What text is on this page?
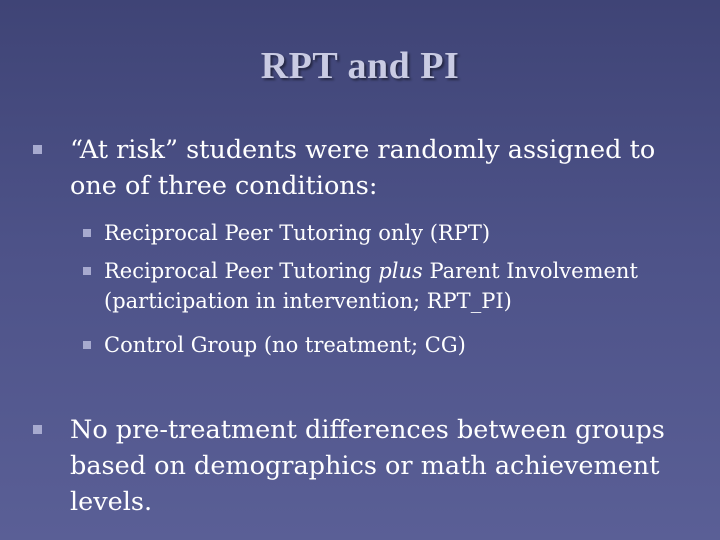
RPT and PI
“At risk” students were randomly assigned to
one of three conditions:
Reciprocal Peer Tutoring only (RPT)
Reciprocal Peer Tutoring plus Parent Involvement
(participation in intervention; RPT_PI)
Control Group (no treatment; CG)
No pre-treatment differences between groups
based on demographics or math achievement
levels.
